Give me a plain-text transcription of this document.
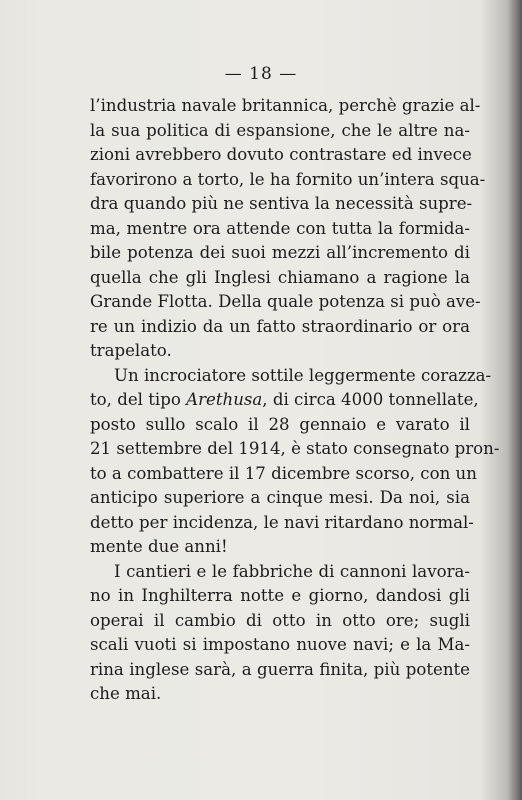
— 18 —
l’industria navale britannica, perchè grazie al-
la sua politica di espansione, che le altre na-
zioni avrebbero dovuto contrastare ed invece
favorirono a torto, le ha fornito un’intera squa-
dra quando più ne sentiva la necessità supre-
ma, mentre ora attende con tutta la formida-
bile potenza dei suoi mezzi all’incremento di
quella che gli Inglesi chiamano a ragione la
Grande Flotta. Della quale potenza si può ave-
re un indizio da un fatto straordinario or ora
trapelato.
Un incrociatore sottile leggermente corazza-
to, del tipo Arethusa, di circa 4000 tonnellate,
posto sullo scalo il 28 gennaio e varato il
21 settembre del 1914, è stato consegnato pron-
to a combattere il 17 dicembre scorso, con un
anticipo superiore a cinque mesi. Da noi, sia
detto per incidenza, le navi ritardano normal-
mente due anni!
I cantieri e le fabbriche di cannoni lavora-
no in Inghilterra notte e giorno, dandosi gli
operai il cambio di otto in otto ore; sugli
scali vuoti si impostano nuove navi; e la Ma-
rina inglese sarà, a guerra finita, più potente
che mai.
